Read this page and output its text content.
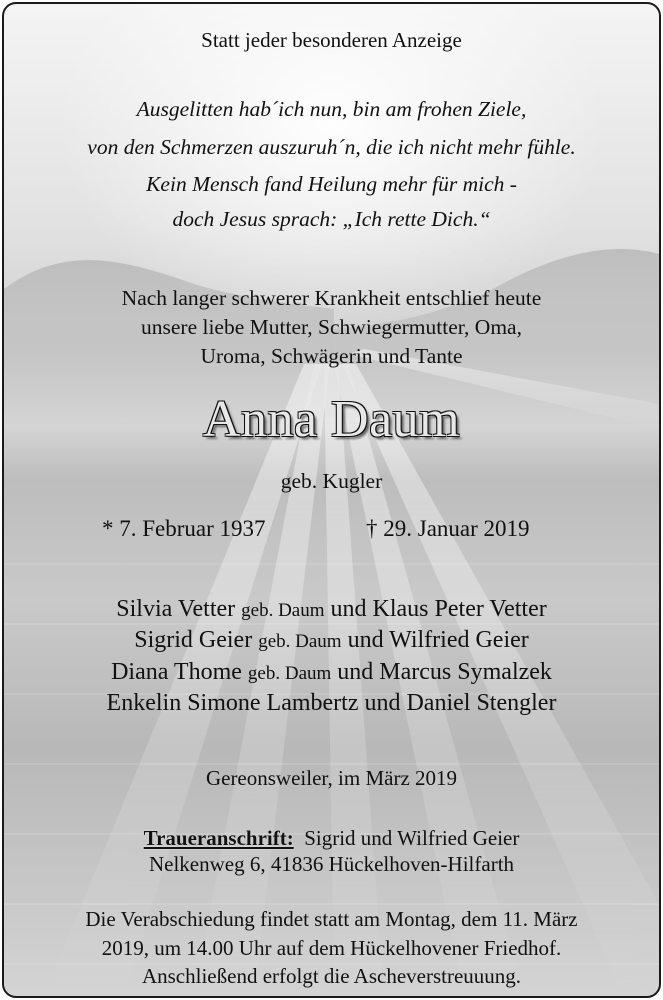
Statt jeder besonderen Anzeige
Ausgelitten hab´ich nun, bin am frohen Ziele,
von den Schmerzen auszuruh´n, die ich nicht mehr fühle.
Kein Mensch fand Heilung mehr für mich -
doch Jesus sprach: „Ich rette Dich.“
Nach langer schwerer Krankheit entschlief heute
unsere liebe Mutter, Schwiegermutter, Oma,
Uroma, Schwägerin und Tante
Anna Daum
geb. Kugler
* 7. Februar 1937	† 29. Januar 2019
Silvia Vetter geb. Daum und Klaus Peter Vetter
Sigrid Geier geb. Daum und Wilfried Geier
Diana Thome geb. Daum und Marcus Symalzek
Enkelin Simone Lambertz und Daniel Stengler
Gereonsweiler, im März 2019
Traueranschrift: Sigrid und Wilfried Geier
Nelkenweg 6, 41836 Hückelhoven-Hilfarth
Die Verabschiedung findet statt am Montag, dem 11. März
2019, um 14.00 Uhr auf dem Hückelhovener Friedhof.
Anschließend erfolgt die Ascheverstreuuung.
